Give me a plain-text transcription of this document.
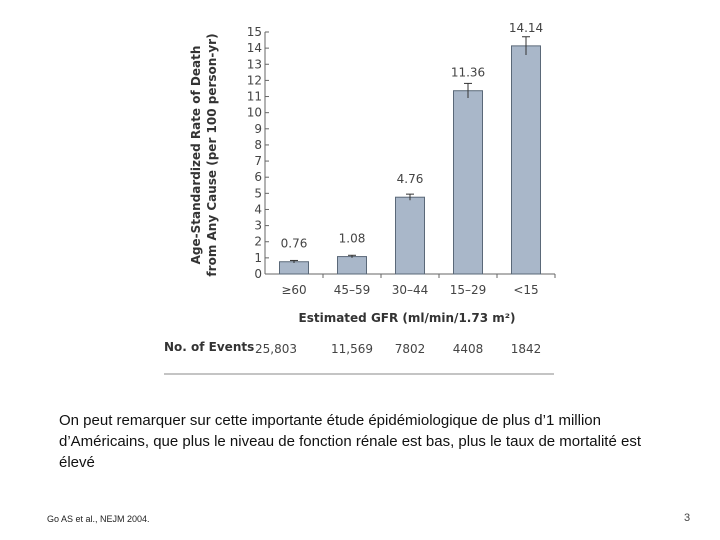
Age-Standardized Rate of Death from Any Cause (per 100 person-yr)	0
1
2
3
4
5
6
7
8
9
10
11
12
13
14
15
0.76	1.08
4.76
11.36
14.14
≥60 45–59 30–44 15–29 <15
Estimated GFR (ml/min/1.73 m²)
No. of Events 25,803	11,569 7802 4408 1842
On peut remarquer sur cette importante étude épidémiologique de plus d’1 million d’Américains, que plus le niveau de fonction rénale est bas, plus le taux de mortalité est élevé
Go AS et al., NEJM 2004.	3
